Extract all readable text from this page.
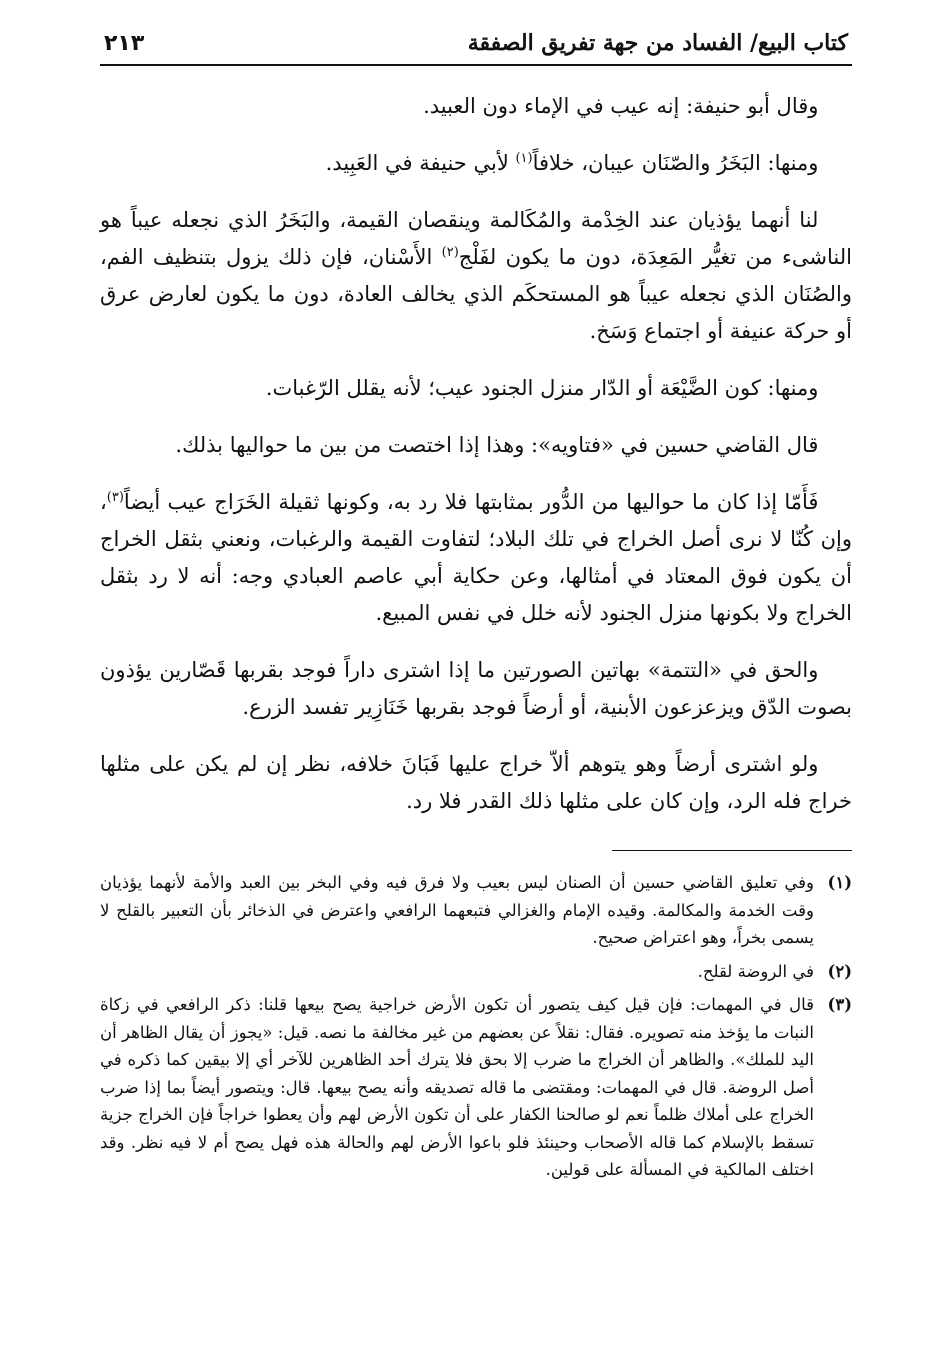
كتاب البيع/ الفساد من جهة تفريق الصفقة
٢١٣

وقال أبو حنيفة: إنه عيب في الإماء دون العبيد.

ومنها: البَخَرُ والصّنَان عيبان، خلافاً$^{(١)}$ لأبي حنيفة في العَبِيد.

لنا أنهما يؤذيان عند الخِدْمة والمُكَالمة وينقصان القيمة، والبَخَرُ الذي نجعله عيباً هو الناشىء من تغيُّر المَعِدَة، دون ما يكون لفَلْج$^{(٢)}$ الأَسْنان، فإن ذلك يزول بتنظيف الفم، والصُنَان الذي نجعله عيباً هو المستحكَم الذي يخالف العادة، دون ما يكون لعارض عرق أو حركة عنيفة أو اجتماع وَسَخ.

ومنها: كون الضَّيْعَة أو الدّار منزل الجنود عيب؛ لأنه يقلل الرّغبات.

قال القاضي حسين في «فتاويه»: وهذا إذا اختصت من بين ما حواليها بذلك.

فَأَمّا إذا كان ما حواليها من الدُّور بمثابتها فلا رد به، وكونها ثقيلة الخَرَاج عيب أيضاً$^{(٣)}$، وإن كُنّا لا نرى أصل الخراج في تلك البلاد؛ لتفاوت القيمة والرغبات، ونعني بثقل الخراج أن يكون فوق المعتاد في أمثالها، وعن حكاية أبي عاصم العبادي وجه: أنه لا رد بثقل الخراج ولا بكونها منزل الجنود لأنه خلل في نفس المبيع.

والحق في «التتمة» بهاتين الصورتين ما إذا اشترى داراً فوجد بقربها قَصّارين يؤذون بصوت الدّق ويزعزعون الأبنية، أو أرضاً فوجد بقربها خَنَازِير تفسد الزرع.

ولو اشترى أرضاً وهو يتوهم ألاّ خراج عليها فَبَانَ خلافه، نظر إن لم يكن على مثلها خراج فله الرد، وإن كان على مثلها ذلك القدر فلا رد.

(١)
وفي تعليق القاضي حسين أن الصنان ليس بعيب ولا فرق فيه وفي البخر بين العبد والأمة لأنهما يؤذيان وقت الخدمة والمكالمة. وقيده الإمام والغزالي فتبعهما الرافعي واعترض في الذخائر بأن التعبير بالقلح لا يسمى بخراً، وهو اعتراض صحيح.
(٢)
في الروضة لقلح.
(٣)
قال في المهمات: فإن قيل كيف يتصور أن تكون الأرض خراجية يصح بيعها قلنا: ذكر الرافعي في زكاة النبات ما يؤخذ منه تصويره. فقال: نقلاً عن بعضهم من غير مخالفة ما نصه. قيل: «يجوز أن يقال الظاهر أن اليد للملك». والظاهر أن الخراج ما ضرب إلا بحق فلا يترك أحد الظاهرين للآخر أي إلا بيقين كما ذكره في أصل الروضة. قال في المهمات: ومقتضى ما قاله تصديقه وأنه يصح بيعها. قال: ويتصور أيضاً بما إذا ضرب الخراج على أملاك ظلماً نعم لو صالحنا الكفار على أن تكون الأرض لهم وأن يعطوا خراجاً فإن الخراج جزية تسقط بالإسلام كما قاله الأصحاب وحينئذ فلو باعوا الأرض لهم والحالة هذه فهل يصح أم لا فيه نظر. وقد اختلف المالكية في المسألة على قولين.
